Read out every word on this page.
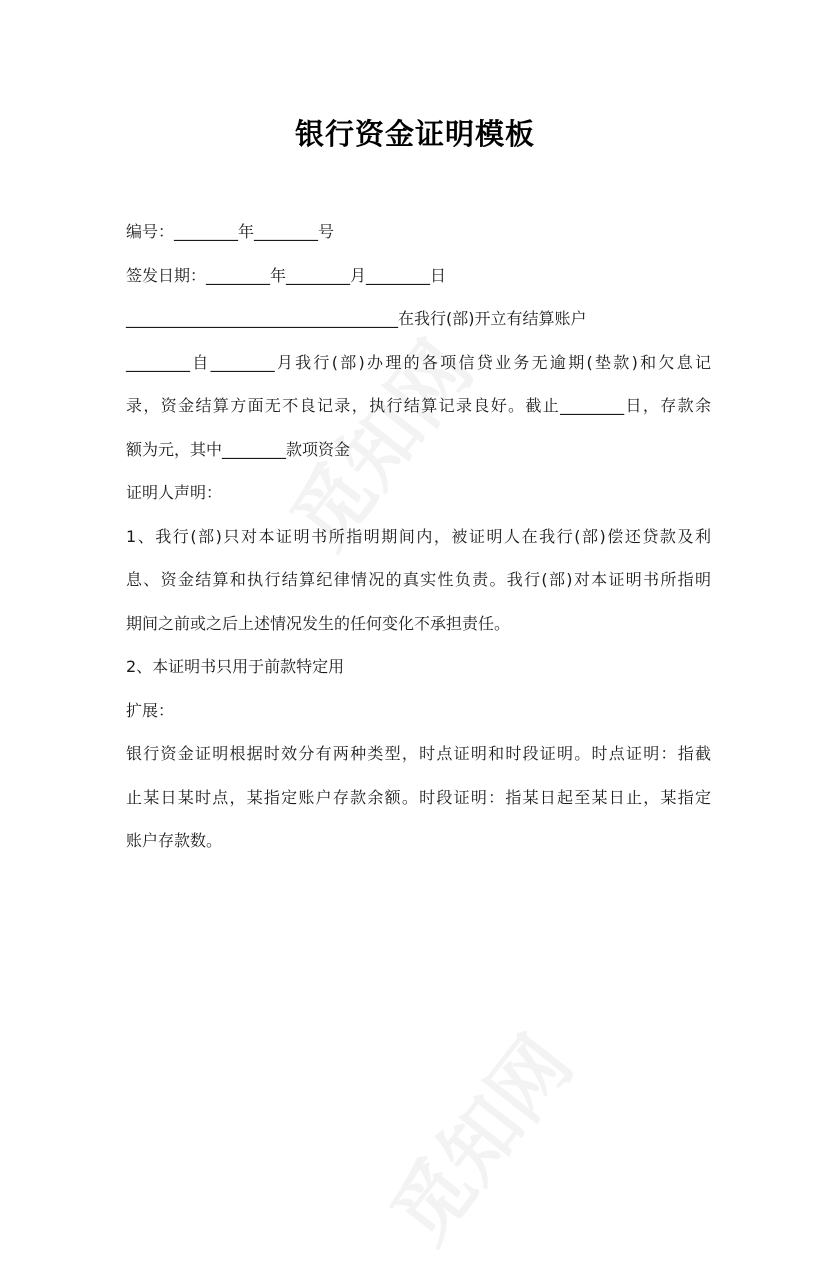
银行资金证明模板
编号：________年________号
签发日期：________年________月________日
__________________________________在我行(部)开立有结算账户
________自________月我行(部)办理的各项信贷业务无逾期(垫款)和欠息记
录，资金结算方面无不良记录，执行结算记录良好。截止________日，存款余
额为元，其中________款项资金
证明人声明：
1、我行(部)只对本证明书所指明期间内，被证明人在我行(部)偿还贷款及利
息、资金结算和执行结算纪律情况的真实性负责。我行(部)对本证明书所指明
期间之前或之后上述情况发生的任何变化不承担责任。
2、本证明书只用于前款特定用
扩展：
银行资金证明根据时效分有两种类型，时点证明和时段证明。时点证明：指截
止某日某时点，某指定账户存款余额。时段证明：指某日起至某日止，某指定
账户存款数。
